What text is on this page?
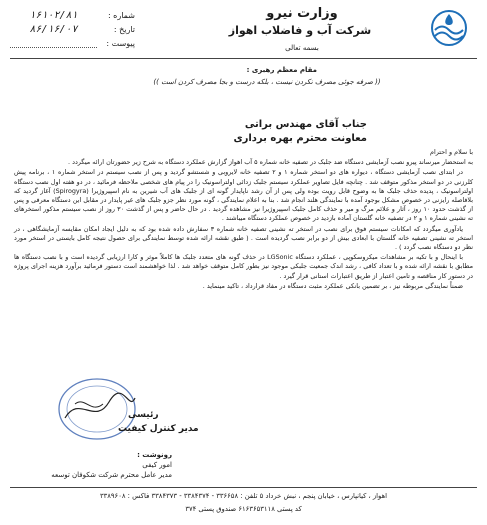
وزارت نیرو
شرکت آب و فاضلاب اهواز
بسمه تعالی
شماره :
۱۶۱۰۲/۸۱
تاریخ :
۸۶/۱۶/۰۷
پیوست :
مقام معظم رهبری :
(( صرفه جوئی مصرف نکردن نیست ، بلکه درست و بجا مصرف کردن است ))
جناب آقای مهندس براتی
معاونت محترم بهره برداری

با سلام و احترام

به استحضار میرساند پیرو نصب آزمایشی دستگاه ضد جلبک در تصفیه خانه شماره ۵ آب اهواز گزارش عملکرد دستگاه به شرح زیر حضورتان ارائه میگردد .

در ابتدای نصب آزمایشی دستگاه ، دیواره های دو استخر شماره ۱ و ۲ تصفیه خانه لایروبی و شستشو گردید و پس از نصب سیستم در استخر شماره ۱ ، برنامه پیش کلرزنی در دو استخر مذکور متوقف شد . چنانچه فایل تصاویر عملکرد سیستم جلبک زدائی اولتراسونیک را در پیام های شخصی ملاحظه فرمائید ، در دو هفته اول نصب دستگاه اولتراسونیک ، پدیده حذف جلبک ها به وضوح قابل رویت بوده ولی پس از آن رشد ناپایدار گونه ای از جلبک های آب شیرین به نام اسپیروژیرا (Spirogyra) آغاز گردید که بلافاصله رایزنی در خصوص مشکل بوجود آمده با نمایندگی هلند انجام شد . بنا به اعلام نمایندگی ، گونه مورد نظر جزو جلبک های غیر پایدار در مقابل این دستگاه معرفی و پس از گذشت حدود ۱۰ روز ، آثار و علائم مرگ و میر و حذف کامل جلبک اسپیروژیرا نیز مشاهده گردید . در حال حاضر و پس از گذشت ۳۰ روز از نصب سیستم مذکور استخرهای ته نشینی شماره ۱ و ۲ در تصفیه خانه گلستان آماده بازدید در خصوص عملکرد دستگاه میباشند .

یادآوری میگردد که امکانات سیستم فوق برای نصب در استخر ته نشینی تصفیه خانه شماره ۳ سفارش داده شده بود که به دلیل ایجاد امکان مقایسه آزمایشگاهی ، در استخر ته نشینی تصفیه خانه گلستان با ابعادی بیش از دو برابر نصب گردیده است . ( طبق نقشه ارائه شده توسط نمایندگی برای حصول نتیجه کامل بایستی در استخر مورد نظر دو دستگاه نصب گردد ) .

با اینحال و با تکیه بر مشاهدات میکروسکوپی ، عملکرد دستگاه LGSonic در حذف گونه های متعدد جلبک ها کاملاً موثر و کارا ارزیابی گردیده است و با نصب دستگاه ها مطابق با نقشه ارائه شده و با تعداد کافی ، رشد اندک جمعیت جلبکی موجود نیز بطور کامل متوقف خواهد شد . لذا خواهشمند است دستور فرمائید برآورد هزینه اجرای پروژه در دستور کار مناقصه و تامین اعتبار از طریق اعتبارات استانی قرار گیرد .

ضمناً نمایندگی مربوطه نیز ، بر تضمین بانکی عملکرد مثبت دستگاه در مفاد قرارداد ، تاکید مینماید .

رئیسی
مدیر کنترل کیفیت
رونوشت :
امور کیفی
مدیر عامل محترم شرکت شکوفان توسعه
اهواز ، کیانپارس ، خیابان پنجم ، نبش خرداد ۵ تلفن : ۳۳۶۶۵۸ - ۳۳۸۴۳۷۴ - ۳۳۸۴۳۷۳ فاکس : ۳۳۸۹۶۰۸
کد پستی ۶۱۶۳۶۵۳۱۱۸ صندوق پستی ۳۷۴
